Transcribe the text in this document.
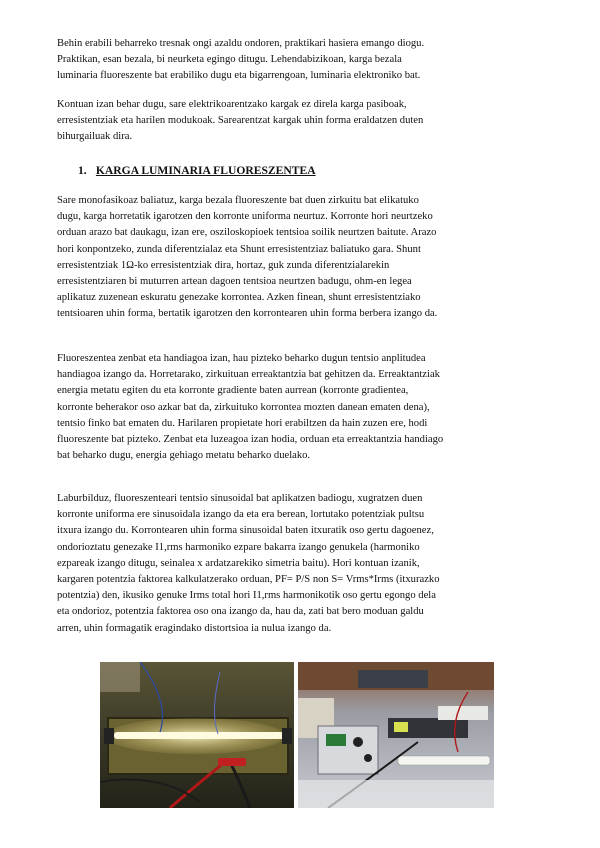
Behin erabili beharreko tresnak ongi azaldu ondoren, praktikari hasiera emango diogu.
Praktikan, esan bezala, bi neurketa egingo ditugu. Lehendabizikoan, karga bezala
luminaria fluoreszente bat erabiliko dugu eta bigarrengoan, luminaria elektroniko bat.

Kontuan izan behar dugu, sare elektrikoarentzako kargak ez direla karga pasiboak,
erresistentziak eta harilen modukoak. Sarearentzat kargak uhin forma eraldatzen duten
bihurgailuak dira.

1. KARGA LUMINARIA FLUORESZENTEA

Sare monofasikoaz baliatuz, karga bezala fluoreszente bat duen zirkuitu bat elikatuko
dugu, karga horretatik igarotzen den korronte uniforma neurtuz. Korronte hori neurtzeko
orduan arazo bat daukagu, izan ere, osziloskopioek tentsioa soilik neurtzen baitute. Arazo
hori konpontzeko, zunda diferentzialaz eta Shunt erresistentziaz baliatuko gara. Shunt
erresistentziak 1Ω-ko erresistentziak dira, hortaz, guk zunda diferentzialarekin
erresistentziaren bi muturren artean dagoen tentsioa neurtzen badugu, ohm-en legea
aplikatuz zuzenean eskuratu genezake korrontea. Azken finean, shunt erresistentziako
tentsioaren uhin forma, bertatik igarotzen den korrontearen uhin forma berbera izango da.

Fluoreszentea zenbat eta handiagoa izan, hau pizteko beharko dugun tentsio anplitudea
handiagoa izango da. Horretarako, zirkuituan erreaktantzia bat gehitzen da. Erreaktantziak
energia metatu egiten du eta korronte gradiente baten aurrean (korronte gradientea,
korronte beherakor oso azkar bat da, zirkuituko korrontea mozten danean ematen dena),
tentsio finko bat ematen du. Harilaren propietate hori erabiltzen da hain zuzen ere, hodi
fluoreszente bat pizteko. Zenbat eta luzeagoa izan hodia, orduan eta erreaktantzia handiago
bat beharko dugu, energia gehiago metatu beharko duelako.

Laburbilduz, fluoreszenteari tentsio sinusoidal bat aplikatzen badiogu, xugratzen duen
korronte uniforma ere sinusoidala izango da eta era berean, lortutako potentziak pultsu
itxura izango du. Korrontearen uhin forma sinusoidal baten itxuratik oso gertu dagoenez,
ondorioztatu genezake I1,rms harmoniko ezpare bakarra izango genukela (harmoniko
ezpareak izango ditugu, seinalea x ardatzarekiko simetria baitu). Hori kontuan izanik,
kargaren potentzia faktorea kalkulatzerako orduan, PF= P/S non S= Vrms*Irms (itxurazko
potentzia) den, ikusiko genuke Irms total hori I1,rms harmonikotik oso gertu egongo dela
eta ondorioz, potentzia faktorea oso ona izango da, hau da, zati bat bero moduan galdu
arren, uhin formagatik eragindako distortsioa ia nulua izango da.
